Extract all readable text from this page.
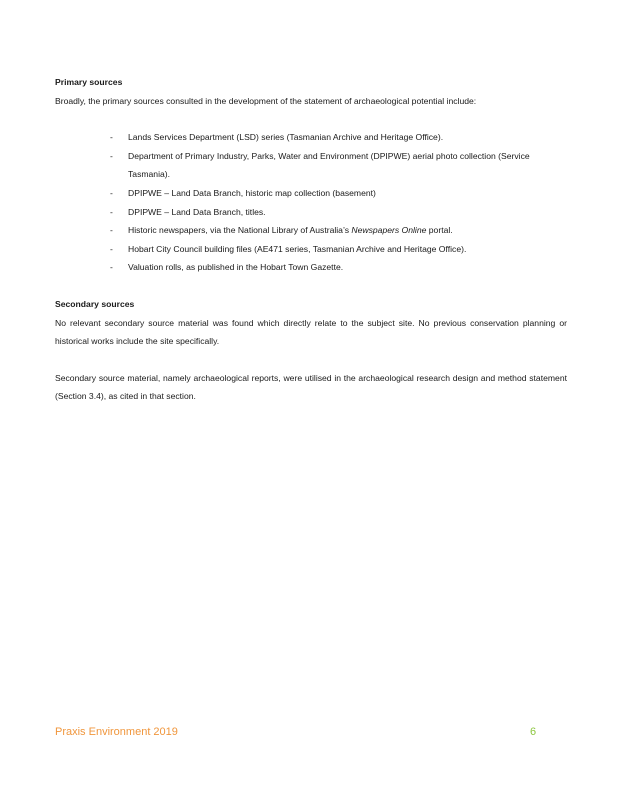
Primary sources

Broadly, the primary sources consulted in the development of the statement of archaeological potential include:

- Lands Services Department (LSD) series (Tasmanian Archive and Heritage Office).
- Department of Primary Industry, Parks, Water and Environment (DPIPWE) aerial photo collection (Service Tasmania).
- DPIPWE – Land Data Branch, historic map collection (basement)
- DPIPWE – Land Data Branch, titles.
- Historic newspapers, via the National Library of Australia’s Newspapers Online portal.
- Hobart City Council building files (AE471 series, Tasmanian Archive and Heritage Office).
- Valuation rolls, as published in the Hobart Town Gazette.

Secondary sources

No relevant secondary source material was found which directly relate to the subject site. No previous conservation planning or historical works include the site specifically.

Secondary source material, namely archaeological reports, were utilised in the archaeological research design and method statement (Section 3.4), as cited in that section.

Praxis Environment 2019	6
